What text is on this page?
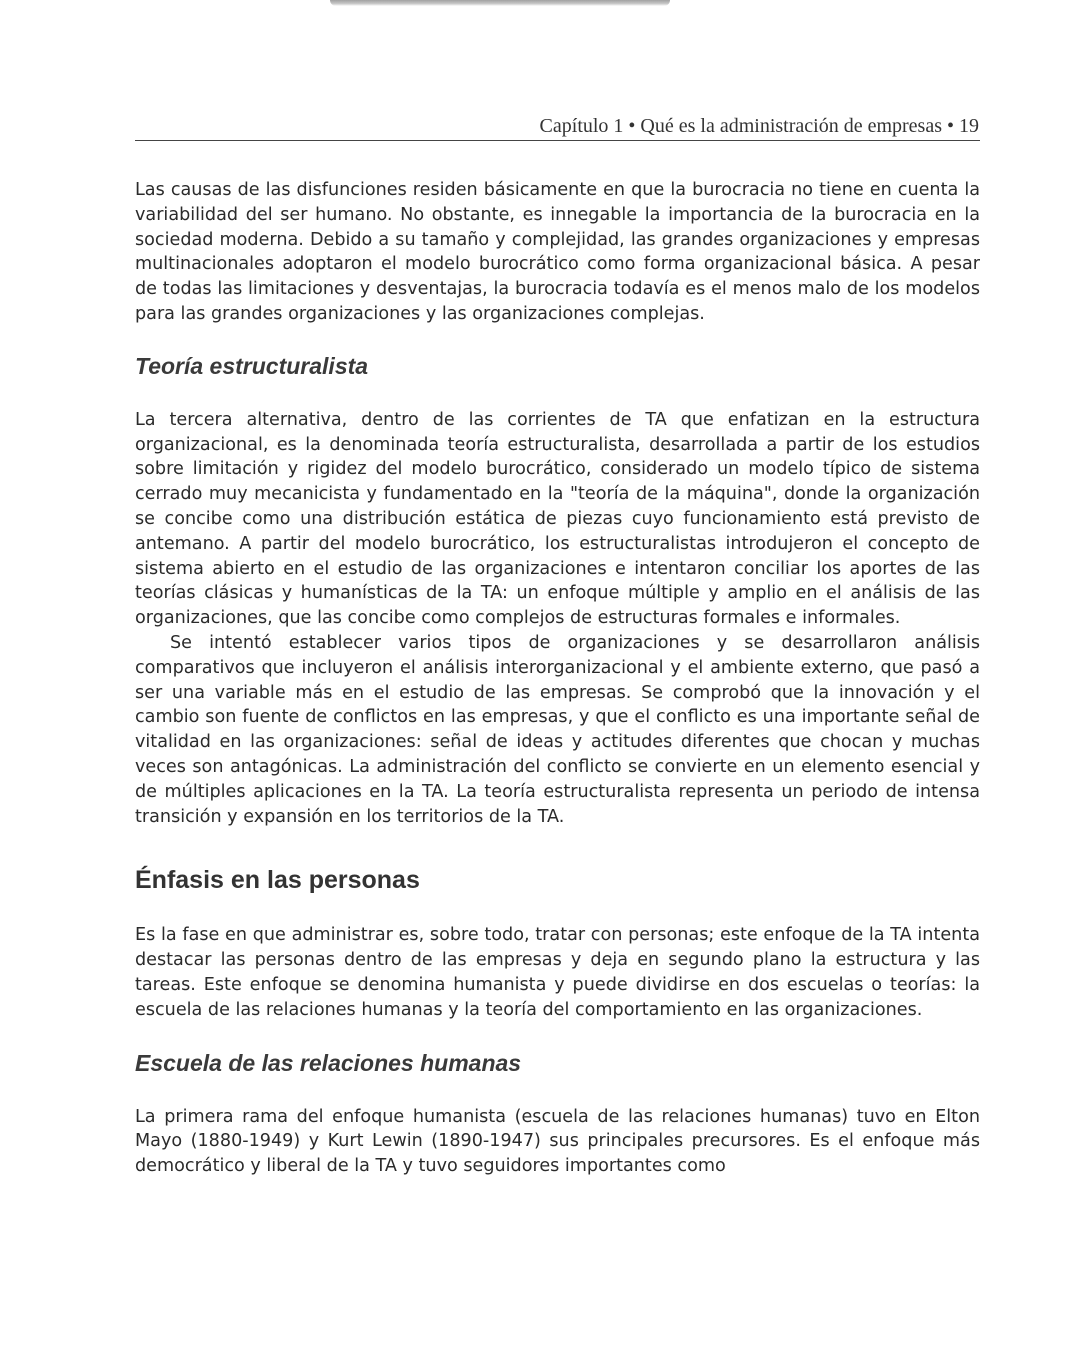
Capítulo 1 • Qué es la administración de empresas • 19

Las causas de las disfunciones residen básicamente en que la burocracia no tiene en cuenta la variabilidad del ser humano. No obstante, es innegable la importancia de la burocracia en la sociedad moderna. Debido a su tamaño y complejidad, las grandes organizaciones y empresas multinacionales adoptaron el modelo burocrático como forma organizacional básica. A pesar de todas las limitaciones y desventajas, la burocracia todavía es el menos malo de los modelos para las grandes organizaciones y las organizaciones complejas.

Teoría estructuralista

La tercera alternativa, dentro de las corrientes de TA que enfatizan en la estructura organizacional, es la denominada teoría estructuralista, desarrollada a partir de los estudios sobre limitación y rigidez del modelo burocrático, considerado un modelo típico de sistema cerrado muy mecanicista y fundamentado en la "teoría de la máquina", donde la organización se concibe como una distribución estática de piezas cuyo funcionamiento está previsto de antemano. A partir del modelo burocrático, los estructuralistas introdujeron el concepto de sistema abierto en el estudio de las organizaciones e intentaron conciliar los aportes de las teorías clásicas y humanísticas de la TA: un enfoque múltiple y amplio en el análisis de las organizaciones, que las concibe como complejos de estructuras formales e informales.

Se intentó establecer varios tipos de organizaciones y se desarrollaron análisis comparativos que incluyeron el análisis interorganizacional y el ambiente externo, que pasó a ser una variable más en el estudio de las empresas. Se comprobó que la innovación y el cambio son fuente de conflictos en las empresas, y que el conflicto es una importante señal de vitalidad en las organizaciones: señal de ideas y actitudes diferentes que chocan y muchas veces son antagónicas. La administración del conflicto se convierte en un elemento esencial y de múltiples aplicaciones en la TA. La teoría estructuralista representa un periodo de intensa transición y expansión en los territorios de la TA.

Énfasis en las personas

Es la fase en que administrar es, sobre todo, tratar con personas; este enfoque de la TA intenta destacar las personas dentro de las empresas y deja en segundo plano la estructura y las tareas. Este enfoque se denomina humanista y puede dividirse en dos escuelas o teorías: la escuela de las relaciones humanas y la teoría del comportamiento en las organizaciones.

Escuela de las relaciones humanas

La primera rama del enfoque humanista (escuela de las relaciones humanas) tuvo en Elton Mayo (1880-1949) y Kurt Lewin (1890-1947) sus principales precursores. Es el enfoque más democrático y liberal de la TA y tuvo seguidores importantes como
